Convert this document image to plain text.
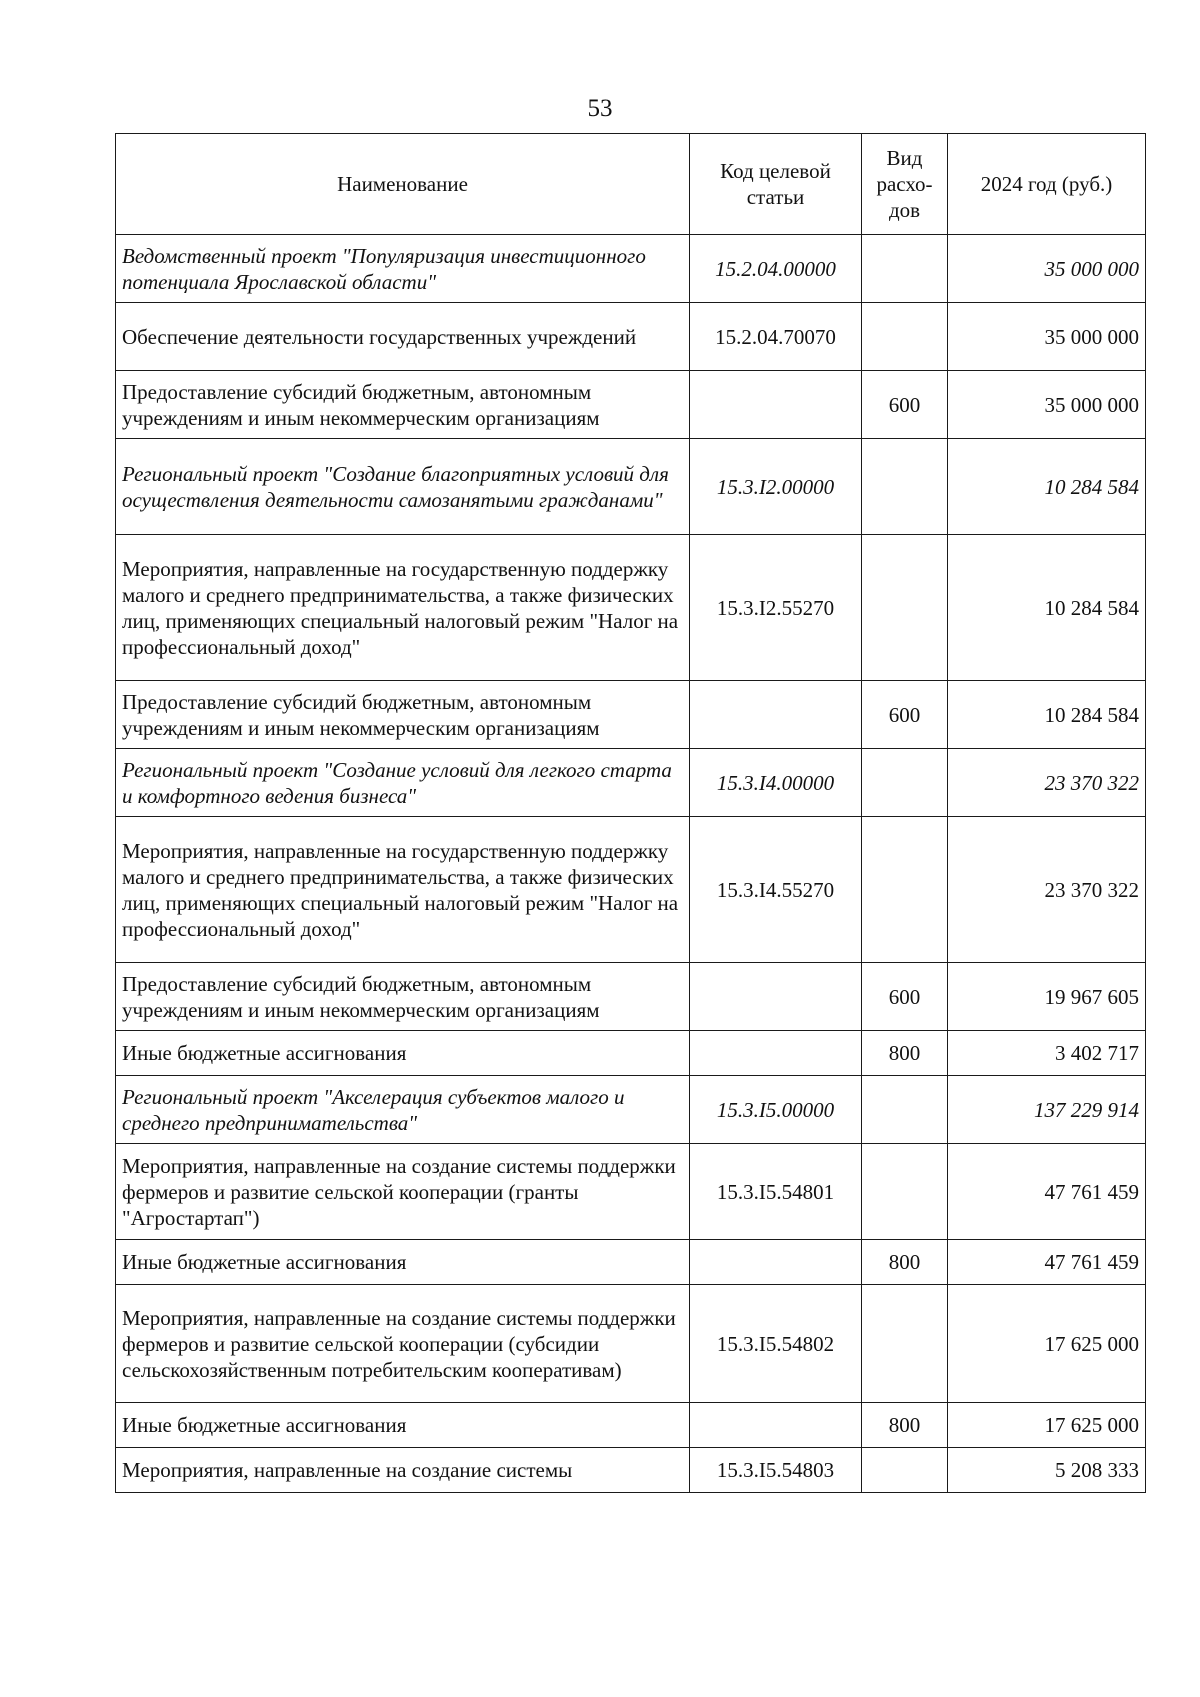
53
Наименование	Код целевой статьи	Вид расхо-дов	2024 год (руб.)
Ведомственный проект "Популяризация инвестиционного потенциала Ярославской области"	15.2.04.00000		35 000 000
Обеспечение деятельности государственных учреждений	15.2.04.70070		35 000 000
Предоставление субсидий бюджетным, автономным учреждениям и иным некоммерческим организациям		600	35 000 000
Региональный проект "Создание благоприятных условий для осуществления деятельности самозанятыми гражданами"	15.3.I2.00000		10 284 584
Мероприятия, направленные на государственную поддержку малого и среднего предпринимательства, а также физических лиц, применяющих специальный налоговый режим "Налог на профессиональный доход"	15.3.I2.55270		10 284 584
Предоставление субсидий бюджетным, автономным учреждениям и иным некоммерческим организациям		600	10 284 584
Региональный проект "Создание условий для легкого старта и комфортного ведения бизнеса"	15.3.I4.00000		23 370 322
Мероприятия, направленные на государственную поддержку малого и среднего предпринимательства, а также физических лиц, применяющих специальный налоговый режим "Налог на профессиональный доход"	15.3.I4.55270		23 370 322
Предоставление субсидий бюджетным, автономным учреждениям и иным некоммерческим организациям		600	19 967 605
Иные бюджетные ассигнования		800	3 402 717
Региональный проект "Акселерация субъектов малого и среднего предпринимательства"	15.3.I5.00000		137 229 914
Мероприятия, направленные на создание системы поддержки фермеров и развитие сельской кооперации (гранты "Агростартап")	15.3.I5.54801		47 761 459
Иные бюджетные ассигнования		800	47 761 459
Мероприятия, направленные на создание системы поддержки фермеров и развитие сельской кооперации (субсидии сельскохозяйственным потребительским кооперативам)	15.3.I5.54802		17 625 000
Иные бюджетные ассигнования		800	17 625 000
Мероприятия, направленные на создание системы	15.3.I5.54803		5 208 333
